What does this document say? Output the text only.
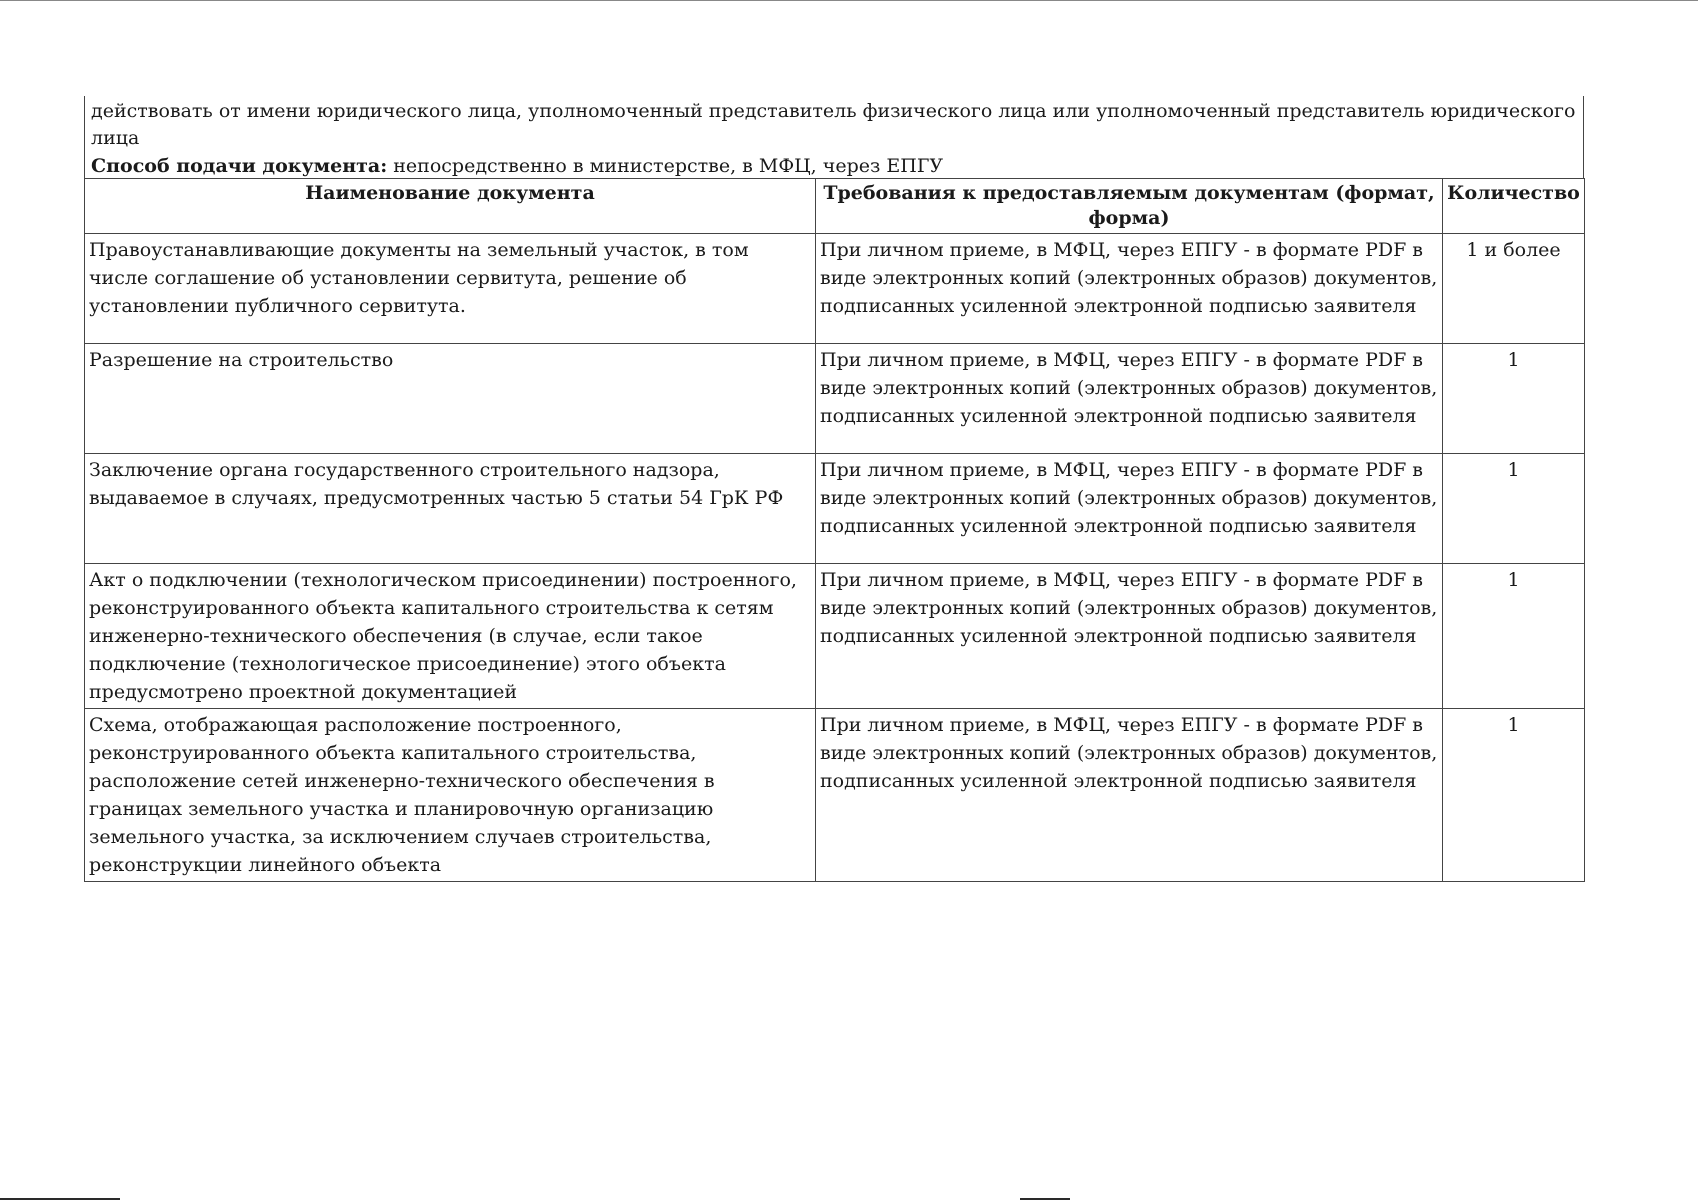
действовать от имени юридического лица, уполномоченный представитель физического лица или уполномоченный представитель юридического лица
Способ подачи документа: непосредственно в министерстве, в МФЦ, через ЕПГУ
Наименование документа	Требования к предоставляемым документам (формат, форма)	Количество
Правоустанавливающие документы на земельный участок, в том числе соглашение об установлении сервитута, решение об установлении публичного сервитута.	При личном приеме, в МФЦ, через ЕПГУ - в формате PDF в виде электронных копий (электронных образов) документов, подписанных усиленной электронной подписью заявителя	1 и более
Разрешение на строительство	При личном приеме, в МФЦ, через ЕПГУ - в формате PDF в виде электронных копий (электронных образов) документов, подписанных усиленной электронной подписью заявителя	1
Заключение органа государственного строительного надзора, выдаваемое в случаях, предусмотренных частью 5 статьи 54 ГрК РФ	При личном приеме, в МФЦ, через ЕПГУ - в формате PDF в виде электронных копий (электронных образов) документов, подписанных усиленной электронной подписью заявителя	1
Акт о подключении (технологическом присоединении) построенного, реконструированного объекта капитального строительства к сетям инженерно-технического обеспечения (в случае, если такое подключение (технологическое присоединение) этого объекта предусмотрено проектной документацией	При личном приеме, в МФЦ, через ЕПГУ - в формате PDF в виде электронных копий (электронных образов) документов, подписанных усиленной электронной подписью заявителя	1
Схема, отображающая расположение построенного, реконструированного объекта капитального строительства, расположение сетей инженерно-технического обеспечения в границах земельного участка и планировочную организацию земельного участка, за исключением случаев строительства, реконструкции линейного объекта	При личном приеме, в МФЦ, через ЕПГУ - в формате PDF в виде электронных копий (электронных образов) документов, подписанных усиленной электронной подписью заявителя	1
